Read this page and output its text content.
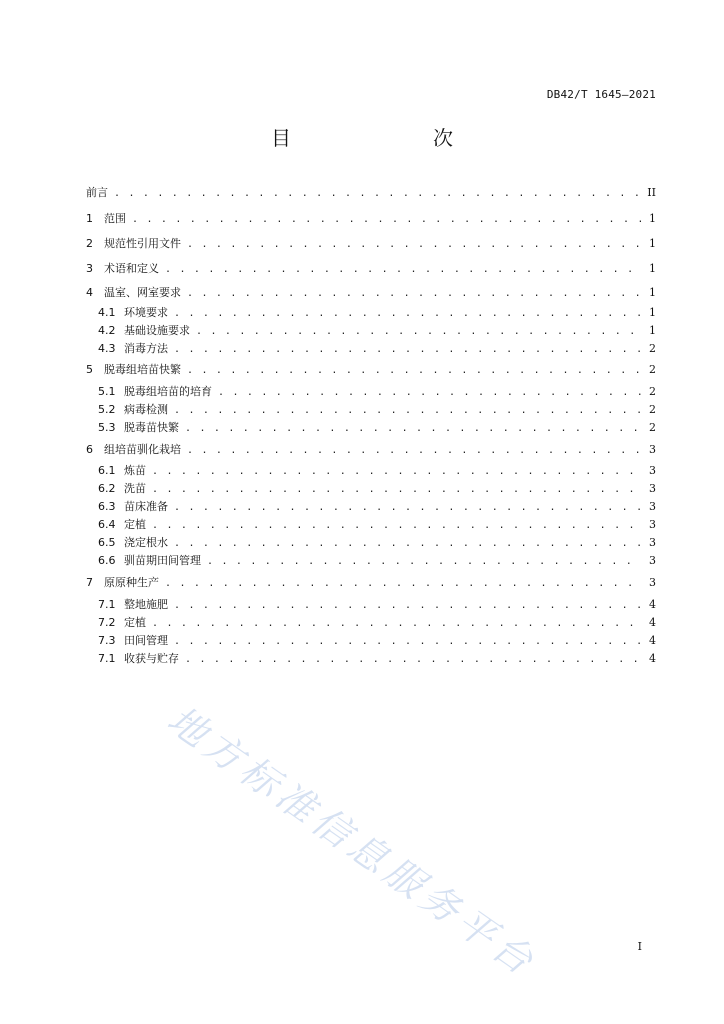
DB42/T 1645—2021
目　　次
前言 . . .	II
1	范围 . . .	1
2	规范性引用文件 . . .	1
3	术语和定义 . . .	1
4	温室、网室要求 . . .	1
4.1 环境要求 . . .	1
4.2 基础设施要求 . . .	1
4.3 消毒方法 . . .	2
5	脱毒组培苗快繁 . . .	2
5.1 脱毒组培苗的培育 . . .	2
5.2 病毒检测 . . .	2
5.3 脱毒苗快繁 . . .	2
6	组培苗驯化栽培 . . .	3
6.1 炼苗 . . .	3
6.2 洗苗 . . .	3
6.3 苗床准备 . . .	3
6.4 定植 . . .	3
6.5 浇定根水 . . .	3
6.6 驯苗期田间管理 . . .	3
7	原原种生产 . . .	3
7.1 整地施肥 . . .	4
7.2 定植 . . .	4
7.3 田间管理 . . .	4
7.1 收获与贮存 . . .	4
地方标准信息服务平台	I
